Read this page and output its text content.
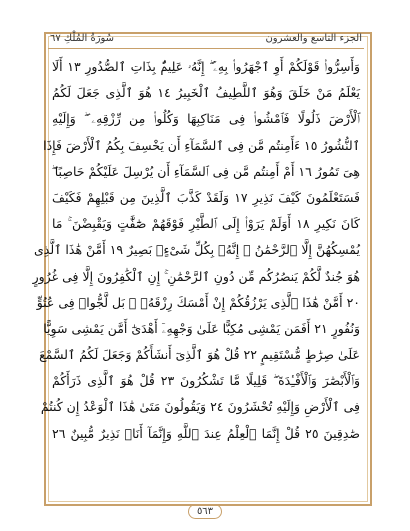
الجزء التاسع والعشرون
سُورَةُ المُلْكِ ٦٧
وَأَسِرُّوا۟ قَوْلَكُمْ أَوِ ٱجْهَرُوا۟ بِهِۦٓ ۖ إِنَّهُۥ عَلِيمٌۢ بِذَاتِ ٱلصُّدُورِ ١٣ أَلَا
يَعْلَمُ مَنْ خَلَقَ وَهُوَ ٱللَّطِيفُ ٱلْخَبِيرُ ١٤ هُوَ ٱلَّذِى جَعَلَ لَكُمُ
ٱلْأَرْضَ ذَلُولًا فَٱمْشُوا۟ فِى مَنَاكِبِهَا وَكُلُوا۟ مِن رِّزْقِهِۦ ۖ وَإِلَيْهِ
ٱلنُّشُورُ ١٥ ءَأَمِنتُم مَّن فِى ٱلسَّمَآءِ أَن يَخْسِفَ بِكُمُ ٱلْأَرْضَ فَإِذَا
هِىَ تَمُورُ ١٦ أَمْ أَمِنتُم مَّن فِى ٱلسَّمَآءِ أَن يُرْسِلَ عَلَيْكُمْ حَاصِبًا ۖ
فَسَتَعْلَمُونَ كَيْفَ نَذِيرِ ١٧ وَلَقَدْ كَذَّبَ ٱلَّذِينَ مِن قَبْلِهِمْ فَكَيْفَ
كَانَ نَكِيرِ ١٨ أَوَلَمْ يَرَوْا۟ إِلَى ٱلطَّيْرِ فَوْقَهُمْ صَٰٓفَّٰتٍ وَيَقْبِضْنَ ۚ مَا
يُمْسِكُهُنَّ إِلَّا ٱلرَّحْمَٰنُ ۚ إِنَّهُۥ بِكُلِّ شَىْءٍۭ بَصِيرٌ ١٩ أَمَّنْ هَٰذَا ٱلَّذِى
هُوَ جُندٌ لَّكُمْ يَنصُرُكُم مِّن دُونِ ٱلرَّحْمَٰنِ ۚ إِنِ ٱلْكَٰفِرُونَ إِلَّا فِى غُرُورٍ
٢٠ أَمَّنْ هَٰذَا ٱلَّذِى يَرْزُقُكُمْ إِنْ أَمْسَكَ رِزْقَهُۥ ۚ بَل لَّجُّوا۟ فِى عُتُوٍّ
وَنُفُورٍ ٢١ أَفَمَن يَمْشِى مُكِبًّا عَلَىٰ وَجْهِهِۦٓ أَهْدَىٰٓ أَمَّن يَمْشِى سَوِيًّا
عَلَىٰ صِرَٰطٍ مُّسْتَقِيمٍ ٢٢ قُلْ هُوَ ٱلَّذِىٓ أَنشَأَكُمْ وَجَعَلَ لَكُمُ ٱلسَّمْعَ
وَٱلْأَبْصَٰرَ وَٱلْأَفْـِٔدَةَ ۖ قَلِيلًا مَّا تَشْكُرُونَ ٢٣ قُلْ هُوَ ٱلَّذِى ذَرَأَكُمْ
فِى ٱلْأَرْضِ وَإِلَيْهِ تُحْشَرُونَ ٢٤ وَيَقُولُونَ مَتَىٰ هَٰذَا ٱلْوَعْدُ إِن كُنتُمْ
صَٰدِقِينَ ٢٥ قُلْ إِنَّمَا ٱلْعِلْمُ عِندَ ٱللَّهِ وَإِنَّمَآ أَنَا۠ نَذِيرٌ مُّبِينٌ ٢٦
٥٦٣
